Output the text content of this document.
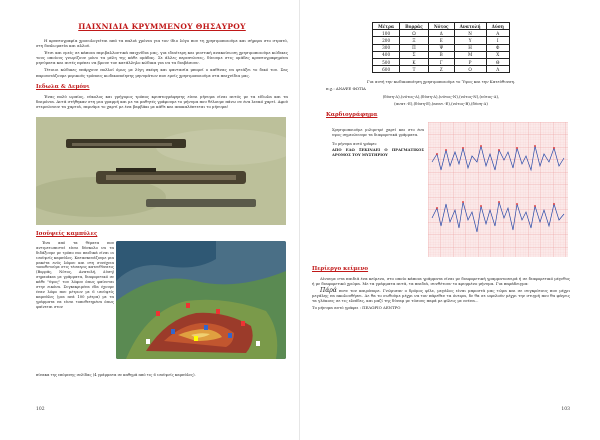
ΠΑΙΧΝΙΔΙΑ ΚΡΥΜΜΕΝΟΥ ΘΗΣΑΥΡΟΥ

Η κρυπτογραφία χρονολογείται από τα παλιά χρόνια για τον ίδιο λόγο που τη χρησιμοποιούμε και σήμερα στο στρατό, στη διπλωματία και αλλού.

Έτσι και εμείς σε κάποια περιβαλλοντικά παιχνίδια μας, για ιδιαίτερη και μυστική ανακοίνωση χρησιμοποιούμε κώδικες τους οποίους γνωρίζουν μόνο τα μέλη της κάθε ομάδας. Σε άλλες περιπτώσεις, δίνουμε στις ομάδες κρυπτογραφημένα μηνύματα και αυτές πρέπει να βρουν τον κατάλληλο κώδικα για να τα διαβάσουν.

Τέτοιοι κώδικες υπάρχουν πολλοί όμως με λίγη σκέψη και φαντασία μπορεί ο καθένας να φτιάξει το δικό του. Σας παρουσιάζουμε μερικούς τρόπους κωδικοποίησης μηνυμάτων που εμείς χρησιμοποιούμε στα παιχνίδια μας.

Ιεδωλα & Δεμόνι

Ένας πολύ ωραίος, εύκολος και γρήγορος τρόπος κρυπτογράφησης είναι μήνυμα είναι αυτός με τα είδωλα και τα δαιμόνια. Αυτά στήθηκαν στη μια γραμμή και με τα μαθητές γράφουμε το μήνυμα που θέλουμε πάνω σε ένα λευκό χαρτί. Αφού στερεώσουν τα χαρτιά, περνάμε το χαρτί με ένα βαμβάκι με κάθε και αποκαλύπτεται το μήνυμα!

Ισοϋψείς καμπύλες

Ένα από τα θέματα που αντιμετωπιστεί είναι δύσκολο να τα διδάξουμε με τρόπο πιο παιδικά είναι οι ισοϋψείς καμπύλες. Κατασκευάζουμε μια μακέτα ενός λόφου και στη συνέχεια τοποθετούμε στις τέσσερις κατευθύνσεις (Βορράς, Νότος, Ανατολή, Δύση) σημαιάκια με γράμματα, διαφορετικό σε κάθε "ύψος" του λόφου όπως φαίνεται στην εικόνα. Συγκεκριμένα έδα έχουμε έναν λόφο που μέτρων με 6 ισοϋψείς καμπύλες (μια ανά 100 μέτρα) με τα γράμματα να είναι τοποθετημένα όπως φαίνεται στον

πίνακα της επόμενης σελίδας (4 γράμματα σε καθημά από τις 6 ισοϋψείς καμπύλες).

102
Μέτρα	Βορράς	Νότος	Ανατολή	Δύση
100	Ω	Δ	Ν	Α
200	Ξ	Ε	Υ	Ι
300	Π	Ψ	Η	Φ
400	Σ	Β	Μ	Χ
500	Κ	Γ	Ρ	Θ
600	Τ	Ζ	Ο	Λ

Για αυτή την κωδικοποίηση χρησιμοποιούμε το Ύψος και την Κατεύθυνση.

π.χ.: ΑΝΑΨΕ ΦΩΤΙΑ

(δύση-Δ),(νότος-Δ),(δύση-Δ),(νότος-Ν),(νότος-Ν),(νότος-Δ),

(ανατ.-Ε),(δύση-Ε),(ανατ.-Ε),(νότος-Β),(δύση-Δ)

Καρδιογράφημα

Χρησιμοποιούμε μιλιμετρέ χαρτί και στο ένα υψος σημειώνουμε τα διαφορετικά γράμματα.

Το μήνυμα αυτό γράφει:

ΑΠΟ ΕΔΩ ΞΕΚΙΝΑΕΙ Ο ΠΡΑΓΜΑΤΙΚΟΣ ΔΡΟΜΟΣ ΤΟΥ ΜΥΣΤΗΡΙΟΥ

Περίεργο κείμενο

Δίνουμε στα παιδιά ένα κείμενο, στο οποίο κάποια γράμματα είναι με διαφορετική γραμματοσειρά ή σε διαφορετικό μέγεθος ή με διαφορετικό χρώμα. Με τα γράμματα αυτά, τα παιδιά, συνθέτουν το κρυμμένο μήνυμα. Για παράδειγμα:

Πάρά ποτε τον καιρόπορε. Γνώρισαν ο δρόμος φίλε, μεγάλος είναι μπροστά μας τώρα και σε συγκρότους που μέχρι μεγάλης να ακολουθήσει. Δε θα το σωθούμε μέχρι να τον πάρεθεν τα όνειρα, δε θα σε ωφελούν μέχρι την στιγμή που θα φάγεις τα γλύκους σε τις ελπίδες, και μαζί της δύναμ με τόσους παρά με φίλεις με εσένα...

Το μήνυμα αυτό γράφει : ΠΕΛΩΡΙΟ ΔΕΝΤΡΟ

103
